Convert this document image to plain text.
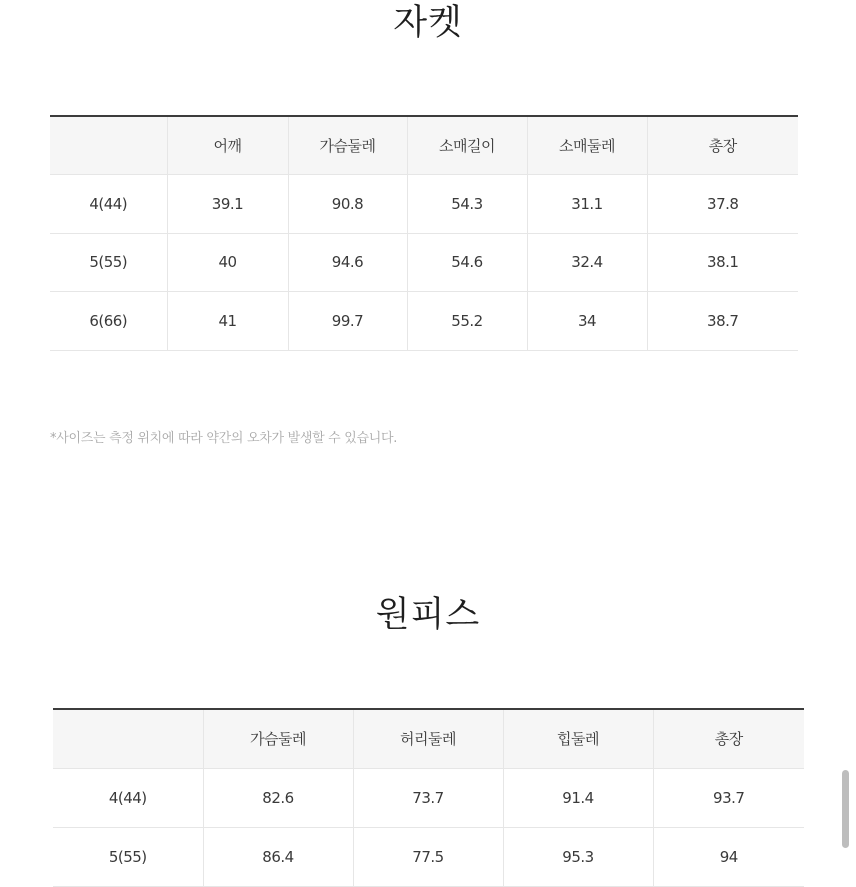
자켓
	어깨	가슴둘레	소매길이	소매둘레	총장
4(44)	39.1	90.8	54.3	31.1	37.8
5(55)	40	94.6	54.6	32.4	38.1
6(66)	41	99.7	55.2	34	38.7
*사이즈는 측정 위치에 따라 약간의 오차가 발생할 수 있습니다.
원피스
	가슴둘레	허리둘레	힙둘레	총장
4(44)	82.6	73.7	91.4	93.7
5(55)	86.4	77.5	95.3	94
